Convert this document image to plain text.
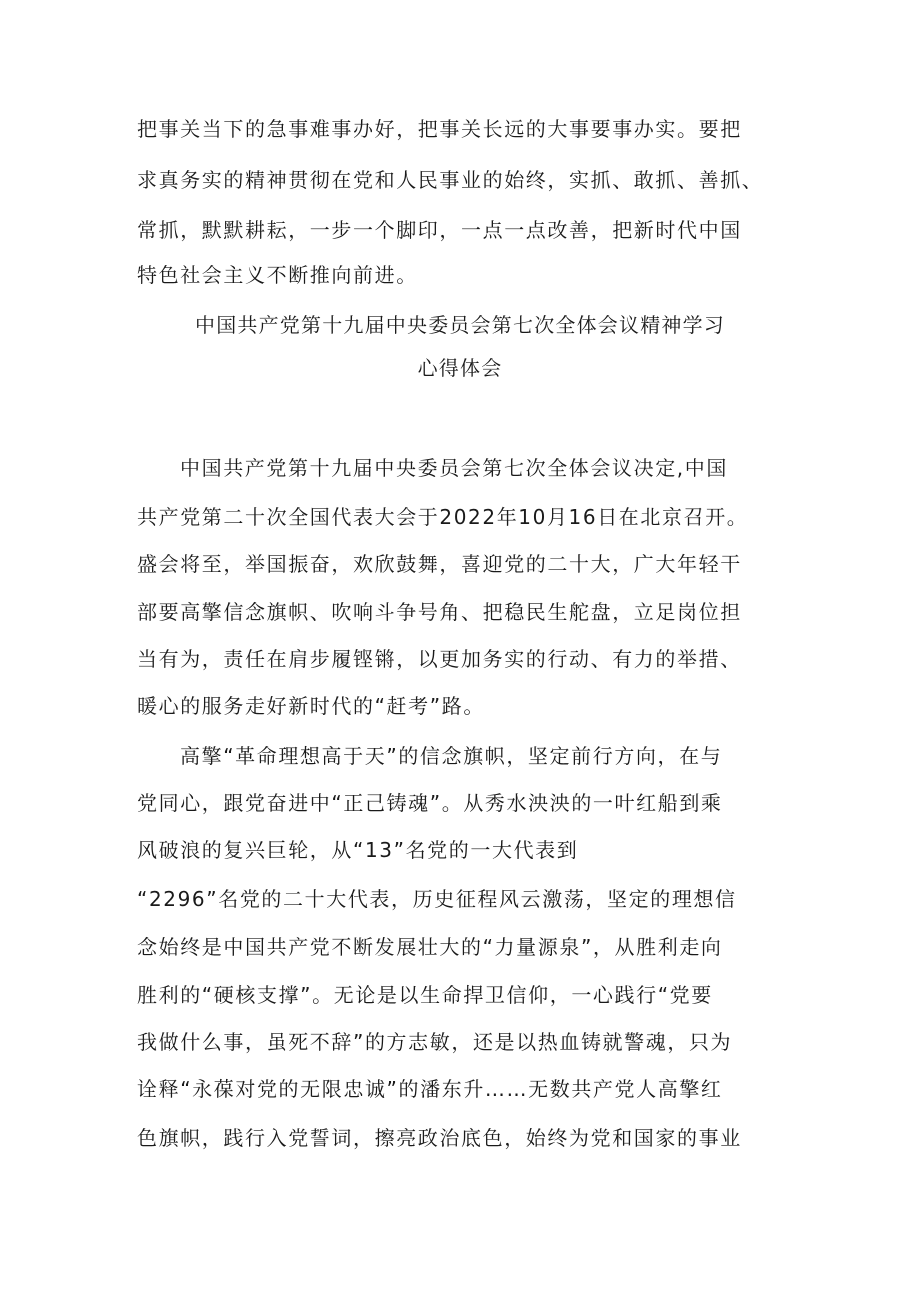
把事关当下的急事难事办好，把事关长远的大事要事办实。要把
求真务实的精神贯彻在党和人民事业的始终，实抓、敢抓、善抓、
常抓，默默耕耘，一步一个脚印，一点一点改善，把新时代中国
特色社会主义不断推向前进。
中国共产党第十九届中央委员会第七次全体会议精神学习
心得体会
中国共产党第十九届中央委员会第七次全体会议决定,中国
共产党第二十次全国代表大会于2022年10月16日在北京召开。
盛会将至，举国振奋，欢欣鼓舞，喜迎党的二十大，广大年轻干
部要高擎信念旗帜、吹响斗争号角、把稳民生舵盘，立足岗位担
当有为，责任在肩步履铿锵，以更加务实的行动、有力的举措、
暖心的服务走好新时代的“赶考”路。
高擎“革命理想高于天”的信念旗帜，坚定前行方向，在与
党同心，跟党奋进中“正己铸魂”。从秀水泱泱的一叶红船到乘
风破浪的复兴巨轮，从“13”名党的一大代表到
“2296”名党的二十大代表，历史征程风云激荡，坚定的理想信
念始终是中国共产党不断发展壮大的“力量源泉”，从胜利走向
胜利的“硬核支撑”。无论是以生命捍卫信仰，一心践行“党要
我做什么事，虽死不辞”的方志敏，还是以热血铸就警魂，只为
诠释“永葆对党的无限忠诚”的潘东升……无数共产党人高擎红
色旗帜，践行入党誓词，擦亮政治底色，始终为党和国家的事业
